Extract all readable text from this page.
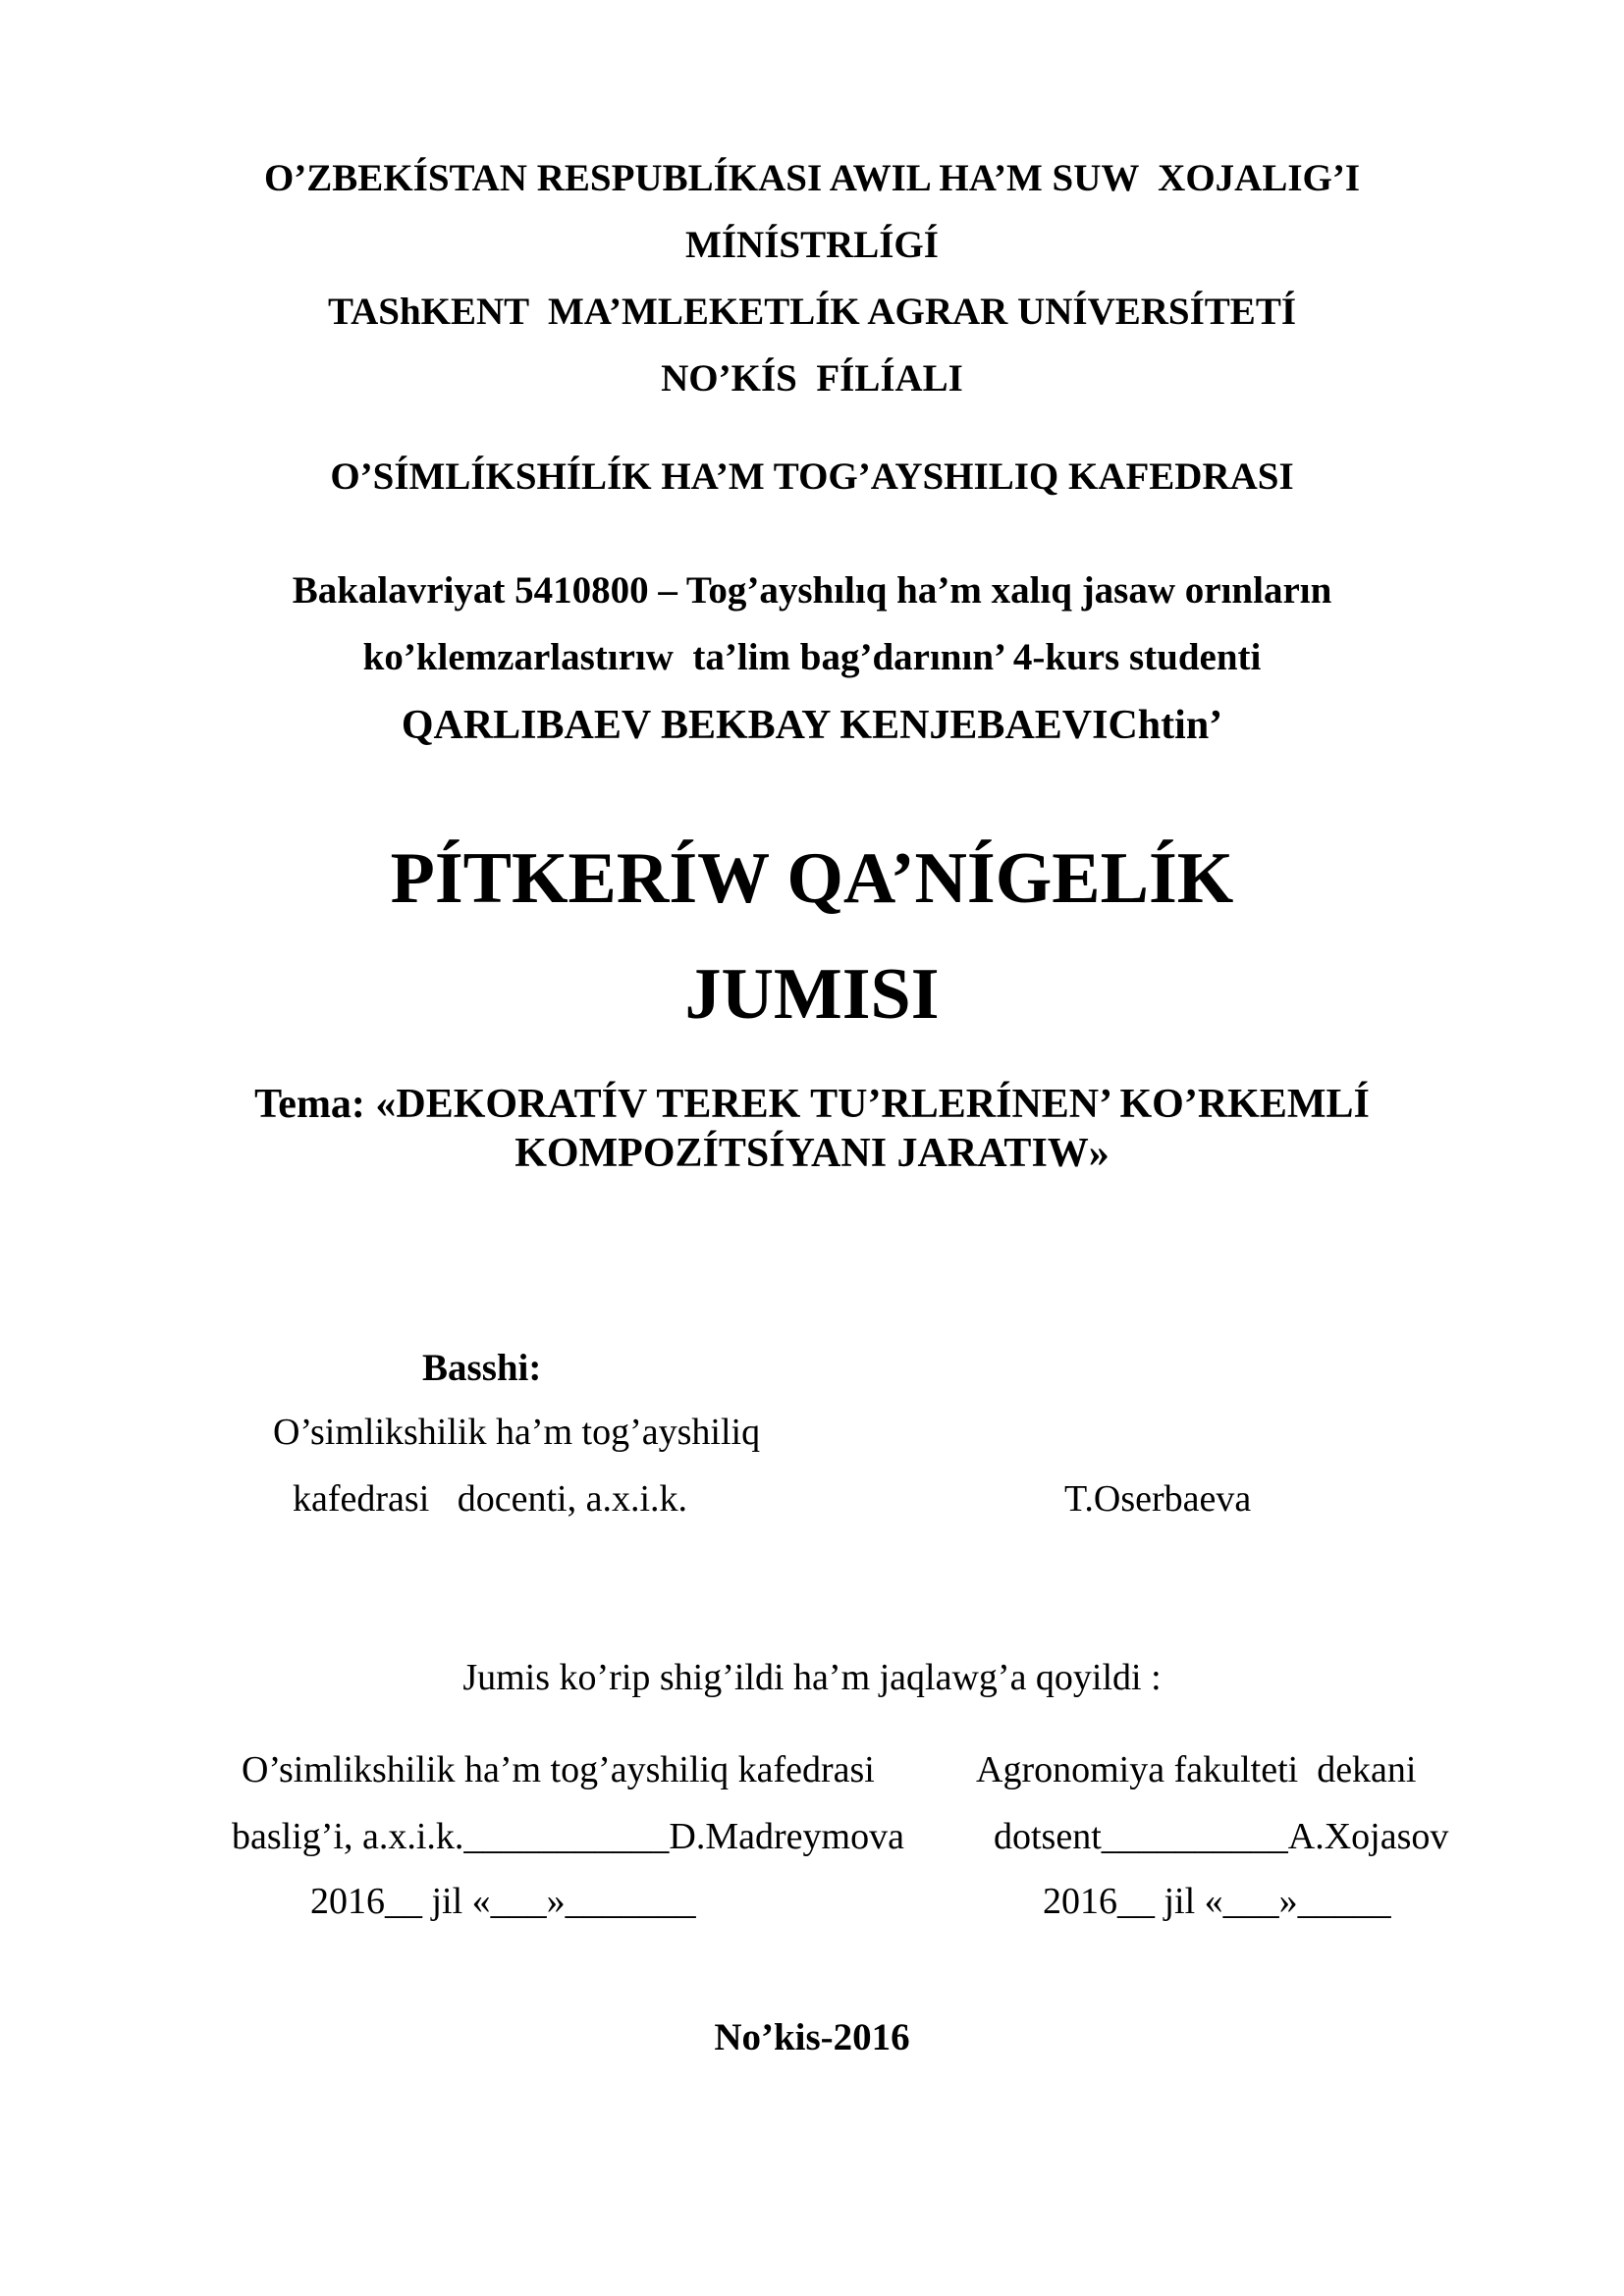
O’ZBEKÍSTAN RESPUBLÍKASI AWIL HA’M SUW  XOJALIG’I
MÍNÍSTRLÍGÍ
TAShKENT  MA’MLEKETLÍK AGRAR UNÍVERSÍTETÍ
NO’KÍS  FÍLÍALI
O’SÍMLÍKSHÍLÍK HA’M TOG’AYSHILIQ KAFEDRASI
Bakalavriyat 5410800 – Tog’ayshılıq ha’m xalıq jasaw orınların
ko’klemzarlastırıw  ta’lim bag’darının’ 4-kurs studenti
QARLIBAEV BEKBAY KENJEBAEVIChtin’
PÍTKERÍW QA’NÍGELÍK
JUMISI
Tema: «DEKORATÍV TEREK TU’RLERÍNEN’ KO’RKEMLÍ
KOMPOZÍTSÍYANI JARATIW»
Basshi:
O’simlikshilik ha’m tog’ayshiliq
kafedrasi   docenti, a.x.i.k.	T.Oserbaeva
Jumis ko’rip shig’ildi ha’m jaqlawg’a qoyildi :
O’simlikshilik ha’m tog’ayshiliq kafedrasi
baslig’i, a.x.i.k.___________D.Madreymova
2016__ jil «___»_______
Agronomiya fakulteti  dekani
dotsent__________A.Xojasov
2016__ jil «___»_____
No’kis-2016
